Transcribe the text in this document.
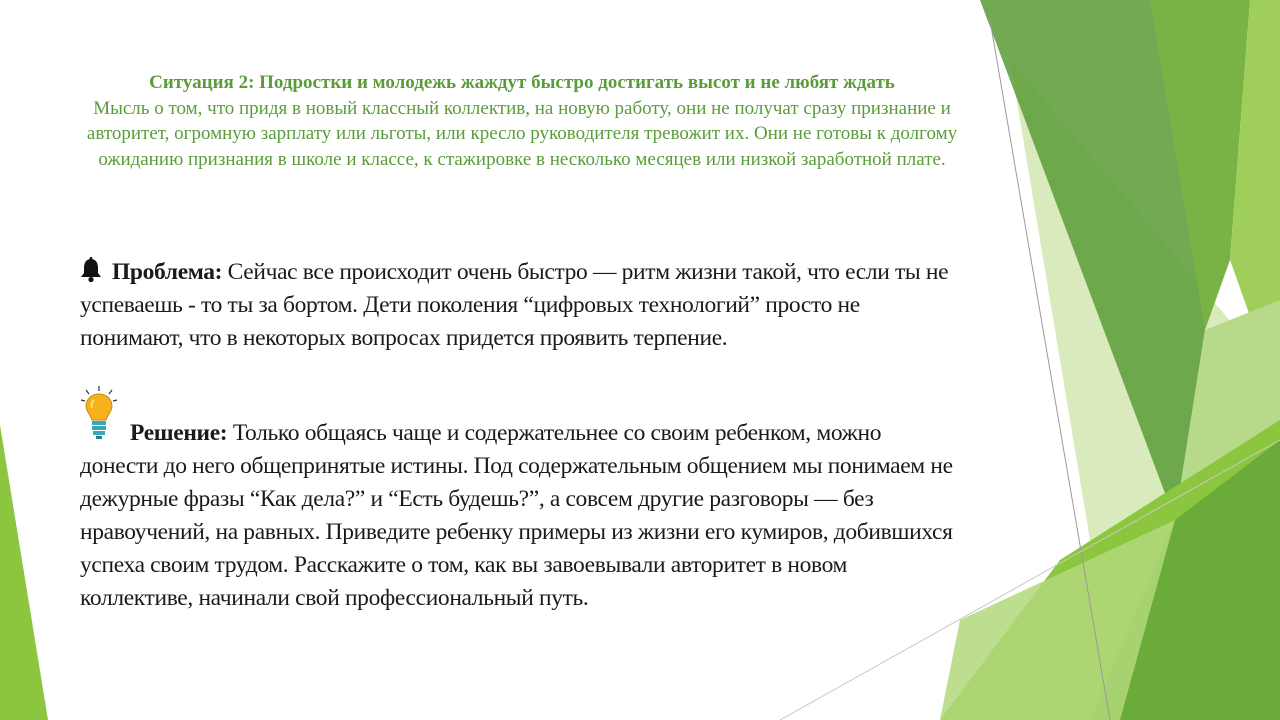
Ситуация 2: Подростки и молодежь жаждут быстро достигать высот и не любят ждать
Мысль о том, что придя в новый классный коллектив, на новую работу, они не получат сразу признание и авторитет, огромную зарплату или льготы, или кресло руководителя тревожит их. Они не готовы к долгому ожиданию признания в школе и классе, к стажировке в несколько месяцев или низкой заработной плате.
Проблема: Сейчас все происходит очень быстро — ритм жизни такой, что если ты не успеваешь - то ты за бортом. Дети поколения “цифровых технологий” просто не понимают, что в некоторых вопросах придется проявить терпение.
Решение: Только общаясь чаще и содержательнее со своим ребенком, можно донести до него общепринятые истины. Под содержательным общением мы понимаем не дежурные фразы “Как дела?” и “Есть будешь?”, а совсем другие разговоры — без нравоучений, на равных. Приведите ребенку примеры из жизни его кумиров, добившихся успеха своим трудом. Расскажите о том, как вы завоевывали авторитет в новом коллективе, начинали свой профессиональный путь.
